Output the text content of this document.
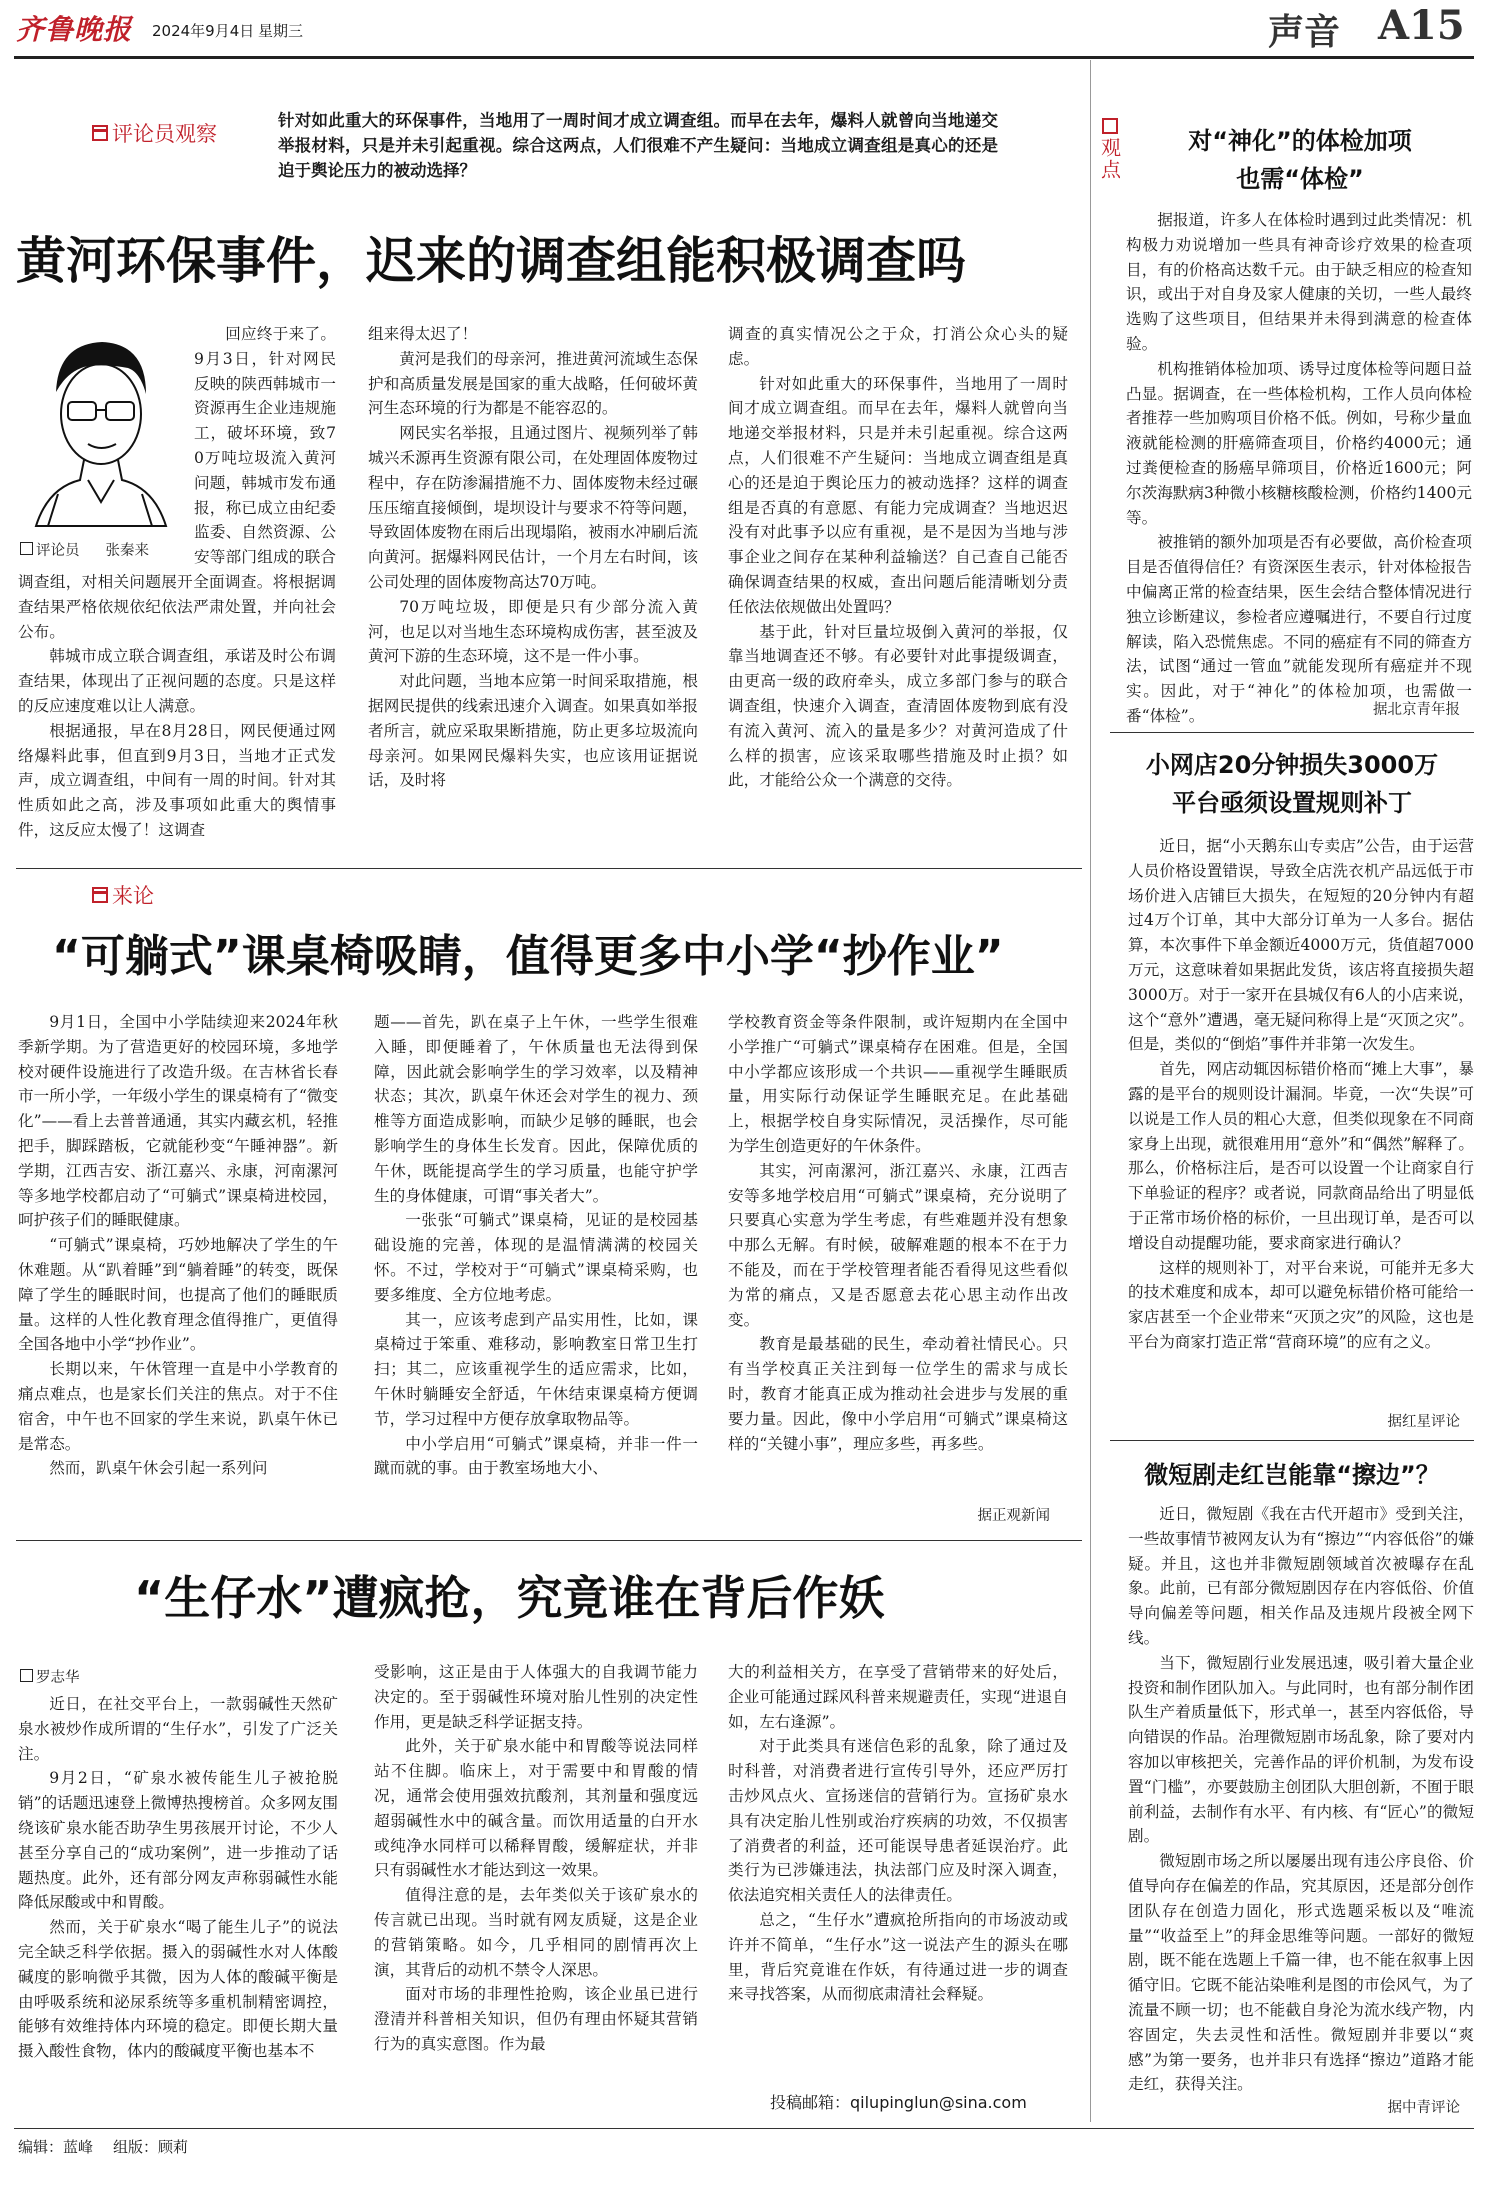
齐鲁晚报 2024年9月4日 星期三	声音 A15
评论员观察
针对如此重大的环保事件，当地用了一周时间才成立调查组。而早在去年，爆料人就曾向当地递交举报材料，只是并未引起重视。综合这两点，人们很难不产生疑问：当地成立调查组是真心的还是迫于舆论压力的被动选择？
黄河环保事件，迟来的调查组能积极调查吗
评论员 张秦来

回应终于来了。9月3日，针对网民反映的陕西韩城市一资源再生企业违规施工，破坏环境，致70万吨垃圾流入黄河问题，韩城市发布通报，称已成立由纪委监委、自然资源、公安等部门组成的联合调查组，对相关问题展开全面调查。将根据调查结果严格依规依纪依法严肃处置，并向社会公布。

韩城市成立联合调查组，承诺及时公布调查结果，体现出了正视问题的态度。只是这样的反应速度难以让人满意。

根据通报，早在8月28日，网民便通过网络爆料此事，但直到9月3日，当地才正式发声，成立调查组，中间有一周的时间。针对其性质如此之高，涉及事项如此重大的舆情事件，这反应太慢了！这调查

组来得太迟了！

黄河是我们的母亲河，推进黄河流域生态保护和高质量发展是国家的重大战略，任何破坏黄河生态环境的行为都是不能容忍的。

网民实名举报，且通过图片、视频列举了韩城兴禾源再生资源有限公司，在处理固体废物过程中，存在防渗漏措施不力、固体废物未经过碾压压缩直接倾倒，堤坝设计与要求不符等问题，导致固体废物在雨后出现塌陷，被雨水冲刷后流向黄河。据爆料网民估计，一个月左右时间，该公司处理的固体废物高达70万吨。

70万吨垃圾，即便是只有少部分流入黄河，也足以对当地生态环境构成伤害，甚至波及黄河下游的生态环境，这不是一件小事。

对此问题，当地本应第一时间采取措施，根据网民提供的线索迅速介入调查。如果真如举报者所言，就应采取果断措施，防止更多垃圾流向母亲河。如果网民爆料失实，也应该用证据说话，及时将

调查的真实情况公之于众，打消公众心头的疑虑。

针对如此重大的环保事件，当地用了一周时间才成立调查组。而早在去年，爆料人就曾向当地递交举报材料，只是并未引起重视。综合这两点，人们很难不产生疑问：当地成立调查组是真心的还是迫于舆论压力的被动选择？这样的调查组是否真的有意愿、有能力完成调查？当地迟迟没有对此事予以应有重视，是不是因为当地与涉事企业之间存在某种利益输送？自己查自己能否确保调查结果的权威，查出问题后能清晰划分责任依法依规做出处置吗？

基于此，针对巨量垃圾倒入黄河的举报，仅靠当地调查还不够。有必要针对此事提级调查，由更高一级的政府牵头，成立多部门参与的联合调查组，快速介入调查，查清固体废物到底有没有流入黄河、流入的量是多少？对黄河造成了什么样的损害，应该采取哪些措施及时止损？如此，才能给公众一个满意的交待。

来论
“可躺式”课桌椅吸睛，值得更多中小学“抄作业”

9月1日，全国中小学陆续迎来2024年秋季新学期。为了营造更好的校园环境，多地学校对硬件设施进行了改造升级。在吉林省长春市一所小学，一年级小学生的课桌椅有了“微变化”——看上去普普通通，其实内藏玄机，轻推把手，脚踩踏板，它就能秒变“午睡神器”。新学期，江西吉安、浙江嘉兴、永康，河南漯河等多地学校都启动了“可躺式”课桌椅进校园，呵护孩子们的睡眠健康。

“可躺式”课桌椅，巧妙地解决了学生的午休难题。从“趴着睡”到“躺着睡”的转变，既保障了学生的睡眠时间，也提高了他们的睡眠质量。这样的人性化教育理念值得推广，更值得全国各地中小学“抄作业”。

长期以来，午休管理一直是中小学教育的痛点难点，也是家长们关注的焦点。对于不住宿舍，中午也不回家的学生来说，趴桌午休已是常态。

然而，趴桌午休会引起一系列问

题——首先，趴在桌子上午休，一些学生很难入睡，即便睡着了，午休质量也无法得到保障，因此就会影响学生的学习效率，以及精神状态；其次，趴桌午休还会对学生的视力、颈椎等方面造成影响，而缺少足够的睡眠，也会影响学生的身体生长发育。因此，保障优质的午休，既能提高学生的学习质量，也能守护学生的身体健康，可谓“事关者大”。

一张张“可躺式”课桌椅，见证的是校园基础设施的完善，体现的是温情满满的校园关怀。不过，学校对于“可躺式”课桌椅采购，也要多维度、全方位地考虑。

其一，应该考虑到产品实用性，比如，课桌椅过于笨重、难移动，影响教室日常卫生打扫；其二，应该重视学生的适应需求，比如，午休时躺睡安全舒适，午休结束课桌椅方便调节，学习过程中方便存放拿取物品等。

中小学启用“可躺式”课桌椅，并非一件一蹴而就的事。由于教室场地大小、

学校教育资金等条件限制，或许短期内在全国中小学推广“可躺式”课桌椅存在困难。但是，全国中小学都应该形成一个共识——重视学生睡眠质量，用实际行动保证学生睡眠充足。在此基础上，根据学校自身实际情况，灵活操作，尽可能为学生创造更好的午休条件。

其实，河南漯河，浙江嘉兴、永康，江西吉安等多地学校启用“可躺式”课桌椅，充分说明了只要真心实意为学生考虑，有些难题并没有想象中那么无解。有时候，破解难题的根本不在于力不能及，而在于学校管理者能否看得见这些看似为常的痛点，又是否愿意去花心思主动作出改变。

教育是最基础的民生，牵动着社情民心。只有当学校真正关注到每一位学生的需求与成长时，教育才能真正成为推动社会进步与发展的重要力量。因此，像中小学启用“可躺式”课桌椅这样的“关键小事”，理应多些，再多些。

据正观新闻
“生仔水”遭疯抢，究竟谁在背后作妖
罗志华

近日，在社交平台上，一款弱碱性天然矿泉水被炒作成所谓的“生仔水”，引发了广泛关注。

9月2日，“矿泉水被传能生儿子被抢脱销”的话题迅速登上微博热搜榜首。众多网友围绕该矿泉水能否助孕生男孩展开讨论，不少人甚至分享自己的“成功案例”，进一步推动了话题热度。此外，还有部分网友声称弱碱性水能降低尿酸或中和胃酸。

然而，关于矿泉水“喝了能生儿子”的说法完全缺乏科学依据。摄入的弱碱性水对人体酸碱度的影响微乎其微，因为人体的酸碱平衡是由呼吸系统和泌尿系统等多重机制精密调控，能够有效维持体内环境的稳定。即便长期大量摄入酸性食物，体内的酸碱度平衡也基本不

受影响，这正是由于人体强大的自我调节能力决定的。至于弱碱性环境对胎儿性别的决定性作用，更是缺乏科学证据支持。

此外，关于矿泉水能中和胃酸等说法同样站不住脚。临床上，对于需要中和胃酸的情况，通常会使用强效抗酸剂，其剂量和强度远超弱碱性水中的碱含量。而饮用适量的白开水或纯净水同样可以稀释胃酸，缓解症状，并非只有弱碱性水才能达到这一效果。

值得注意的是，去年类似关于该矿泉水的传言就已出现。当时就有网友质疑，这是企业的营销策略。如今，几乎相同的剧情再次上演，其背后的动机不禁令人深思。

面对市场的非理性抢购，该企业虽已进行澄清并科普相关知识，但仍有理由怀疑其营销行为的真实意图。作为最

大的利益相关方，在享受了营销带来的好处后，企业可能通过踩风科普来规避责任，实现“进退自如，左右逢源”。

对于此类具有迷信色彩的乱象，除了通过及时科普，对消费者进行宣传引导外，还应严厉打击炒风点火、宣扬迷信的营销行为。宣扬矿泉水具有决定胎儿性别或治疗疾病的功效，不仅损害了消费者的利益，还可能误导患者延误治疗。此类行为已涉嫌违法，执法部门应及时深入调查，依法追究相关责任人的法律责任。

总之，“生仔水”遭疯抢所指向的市场波动或许并不简单，“生仔水”这一说法产生的源头在哪里，背后究竟谁在作妖，有待通过进一步的调查来寻找答案，从而彻底肃清社会释疑。

投稿邮箱：qilupinglun@sina.com
观点	对“神化”的体检加项
也需“体检”

据报道，许多人在体检时遇到过此类情况：机构极力劝说增加一些具有神奇诊疗效果的检查项目，有的价格高达数千元。由于缺乏相应的检查知识，或出于对自身及家人健康的关切，一些人最终选购了这些项目，但结果并未得到满意的检查体验。

机构推销体检加项、诱导过度体检等问题日益凸显。据调查，在一些体检机构，工作人员向体检者推荐一些加购项目价格不低。例如，号称少量血液就能检测的肝癌筛查项目，价格约4000元；通过粪便检查的肠癌早筛项目，价格近1600元；阿尔茨海默病3种微小核糖核酸检测，价格约1400元等。

被推销的额外加项是否有必要做，高价检查项目是否值得信任？有资深医生表示，针对体检报告中偏离正常的检查结果，医生会结合整体情况进行独立诊断建议，参检者应遵嘱进行，不要自行过度解读，陷入恐慌焦虑。不同的癌症有不同的筛查方法，试图“通过一管血”就能发现所有癌症并不现实。因此，对于“神化”的体检加项，也需做一番“体检”。	据北京青年报
小网店20分钟损失3000万
平台亟须设置规则补丁

近日，据“小天鹅东山专卖店”公告，由于运营人员价格设置错误，导致全店洗衣机产品远低于市场价进入店铺巨大损失，在短短的20分钟内有超过4万个订单，其中大部分订单为一人多台。据估算，本次事件下单金额近4000万元，货值超7000万元，这意味着如果据此发货，该店将直接损失超3000万。对于一家开在县城仅有6人的小店来说，这个“意外”遭遇，毫无疑问称得上是“灭顶之灾”。但是，类似的“倒焰”事件并非第一次发生。

首先，网店动辄因标错价格而“摊上大事”，暴露的是平台的规则设计漏洞。毕竟，一次“失误”可以说是工作人员的粗心大意，但类似现象在不同商家身上出现，就很难用用“意外”和“偶然”解释了。那么，价格标注后，是否可以设置一个让商家自行下单验证的程序？或者说，同款商品给出了明显低于正常市场价格的标价，一旦出现订单，是否可以增设自动提醒功能，要求商家进行确认？

这样的规则补丁，对平台来说，可能并无多大的技术难度和成本，却可以避免标错价格可能给一家店甚至一个企业带来“灭顶之灾”的风险，这也是平台为商家打造正常“营商环境”的应有之义。

据红星评论
微短剧走红岂能靠“擦边”？

近日，微短剧《我在古代开超市》受到关注，一些故事情节被网友认为有“擦边”“内容低俗”的嫌疑。并且，这也并非微短剧领域首次被曝存在乱象。此前，已有部分微短剧因存在内容低俗、价值导向偏差等问题，相关作品及违规片段被全网下线。

当下，微短剧行业发展迅速，吸引着大量企业投资和制作团队加入。与此同时，也有部分制作团队生产着质量低下，形式单一，甚至内容低俗，导向错误的作品。治理微短剧市场乱象，除了要对内容加以审核把关，完善作品的评价机制，为发布设置“门槛”，亦要鼓励主创团队大胆创新，不囿于眼前利益，去制作有水平、有内核、有“匠心”的微短剧。

微短剧市场之所以屡屡出现有违公序良俗、价值导向存在偏差的作品，究其原因，还是部分创作团队存在创造力固化，形式选题采板以及“唯流量”“收益至上”的拜金思维等问题。一部好的微短剧，既不能在选题上千篇一律，也不能在叙事上因循守旧。它既不能沾染唯利是图的市侩风气，为了流量不顾一切；也不能截自身沦为流水线产物，内容固定，失去灵性和活性。微短剧并非要以“爽感”为第一要务，也并非只有选择“擦边”道路才能走红，获得关注。

据中青评论
编辑：蓝峰 组版：顾莉
